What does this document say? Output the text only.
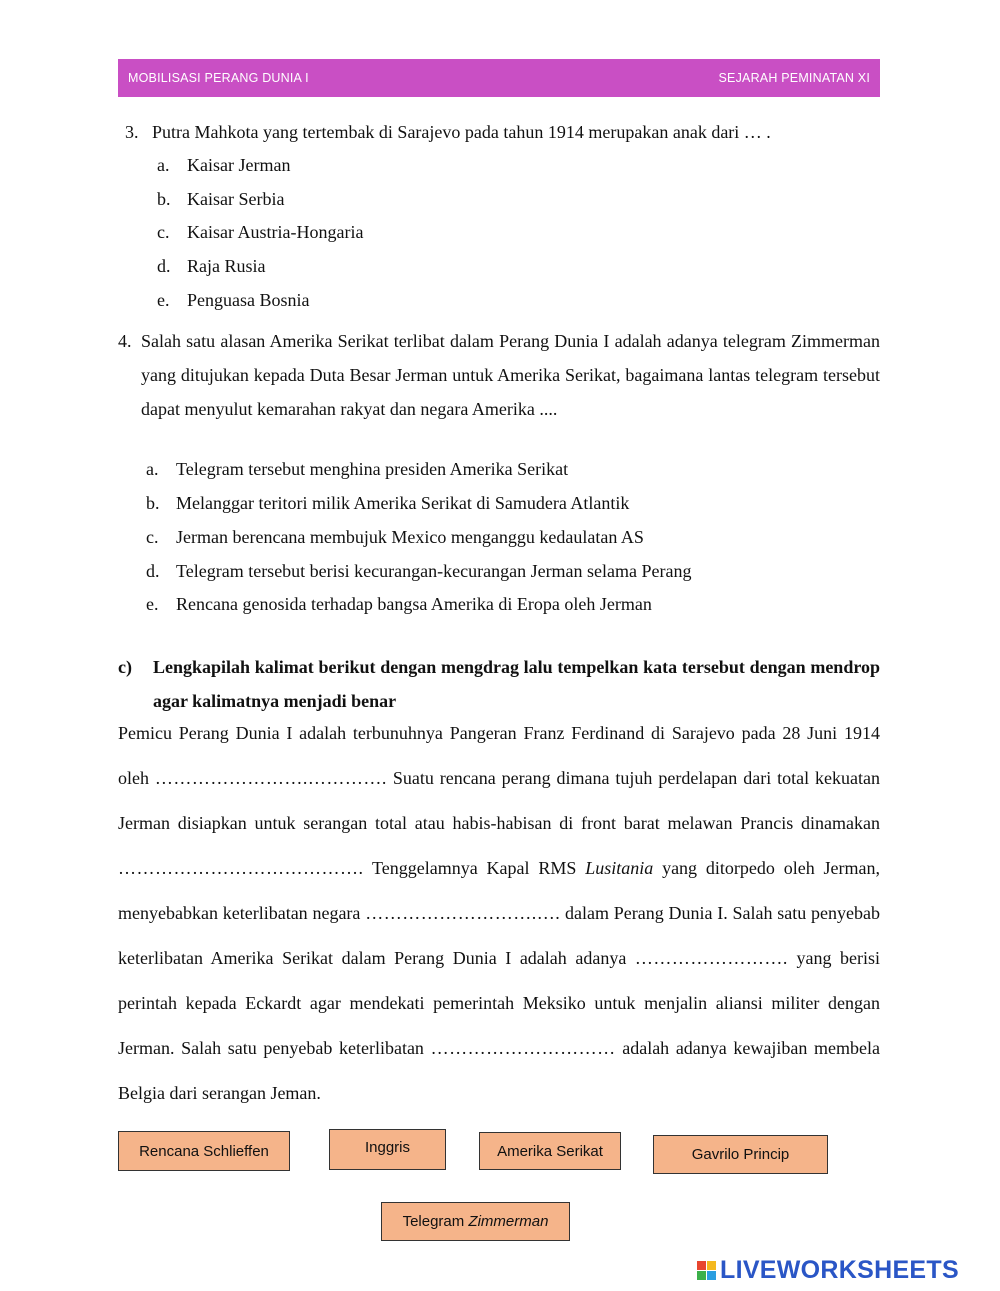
MOBILISASI PERANG DUNIA I	SEJARAH PEMINATAN XI
3. Putra Mahkota yang tertembak di Sarajevo pada tahun 1914 merupakan anak dari … .
a. Kaisar Jerman
b. Kaisar Serbia
c. Kaisar Austria-Hongaria
d. Raja Rusia
e. Penguasa Bosnia
4. Salah satu alasan Amerika Serikat terlibat dalam Perang Dunia I adalah adanya telegram Zimmerman yang ditujukan kepada Duta Besar Jerman untuk Amerika Serikat, bagaimana lantas telegram tersebut dapat menyulut kemarahan rakyat dan negara Amerika ....
a. Telegram tersebut menghina presiden Amerika Serikat
b. Melanggar teritori milik Amerika Serikat di Samudera Atlantik
c. Jerman berencana membujuk Mexico menganggu kedaulatan AS
d. Telegram tersebut berisi kecurangan-kecurangan Jerman selama Perang
e. Rencana genosida terhadap bangsa Amerika di Eropa oleh Jerman
c) Lengkapilah kalimat berikut dengan mengdrag lalu tempelkan kata tersebut dengan mendrop agar kalimatnya menjadi benar
Pemicu Perang Dunia I adalah terbunuhnya Pangeran Franz Ferdinand di Sarajevo pada 28 Juni 1914 oleh …………………….…………. Suatu rencana perang dimana tujuh perdelapan dari total kekuatan Jerman disiapkan untuk serangan total atau habis-habisan di front barat melawan Prancis dinamakan …………………………………. Tenggelamnya Kapal RMS Lusitania yang ditorpedo oleh Jerman, menyebabkan keterlibatan negara ……………………….…. dalam Perang Dunia I. Salah satu penyebab keterlibatan Amerika Serikat dalam Perang Dunia I adalah adanya ……………………. yang berisi perintah kepada Eckardt agar mendekati pemerintah Meksiko untuk menjalin aliansi militer dengan Jerman. Salah satu penyebab keterlibatan ………………………… adalah adanya kewajiban membela Belgia dari serangan Jeman.
Rencana Schlieffen	Inggris	Amerika Serikat	Gavrilo Princip
Telegram Zimmerman
LIVEWORKSHEETS
